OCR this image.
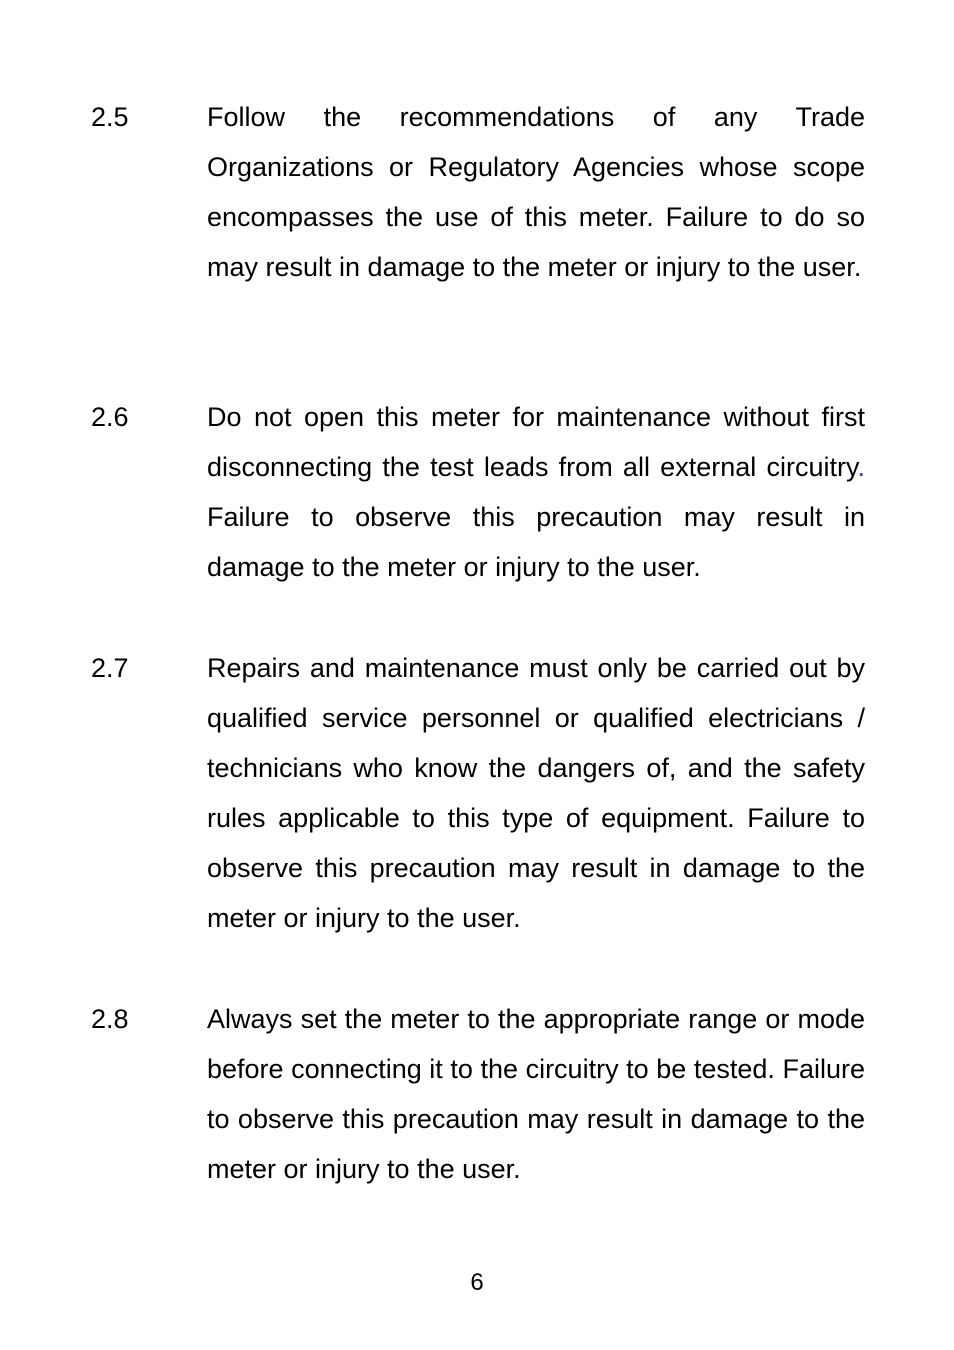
2.5	Follow the recommendations of any Trade Organizations or Regulatory Agencies whose scope encompasses the use of this meter. Failure to do so may result in damage to the meter or injury to the user.

2.6	Do not open this meter for maintenance without first disconnecting the test leads from all external circuitry. Failure to observe this precaution may result in damage to the meter or injury to the user.

2.7	Repairs and maintenance must only be carried out by qualified service personnel or qualified electricians / technicians who know the dangers of, and the safety rules applicable to this type of equipment. Failure to observe this precaution may result in damage to the meter or injury to the user.

2.8	Always set the meter to the appropriate range or mode before connecting it to the circuitry to be tested. Failure to observe this precaution may result in damage to the meter or injury to the user.

6
